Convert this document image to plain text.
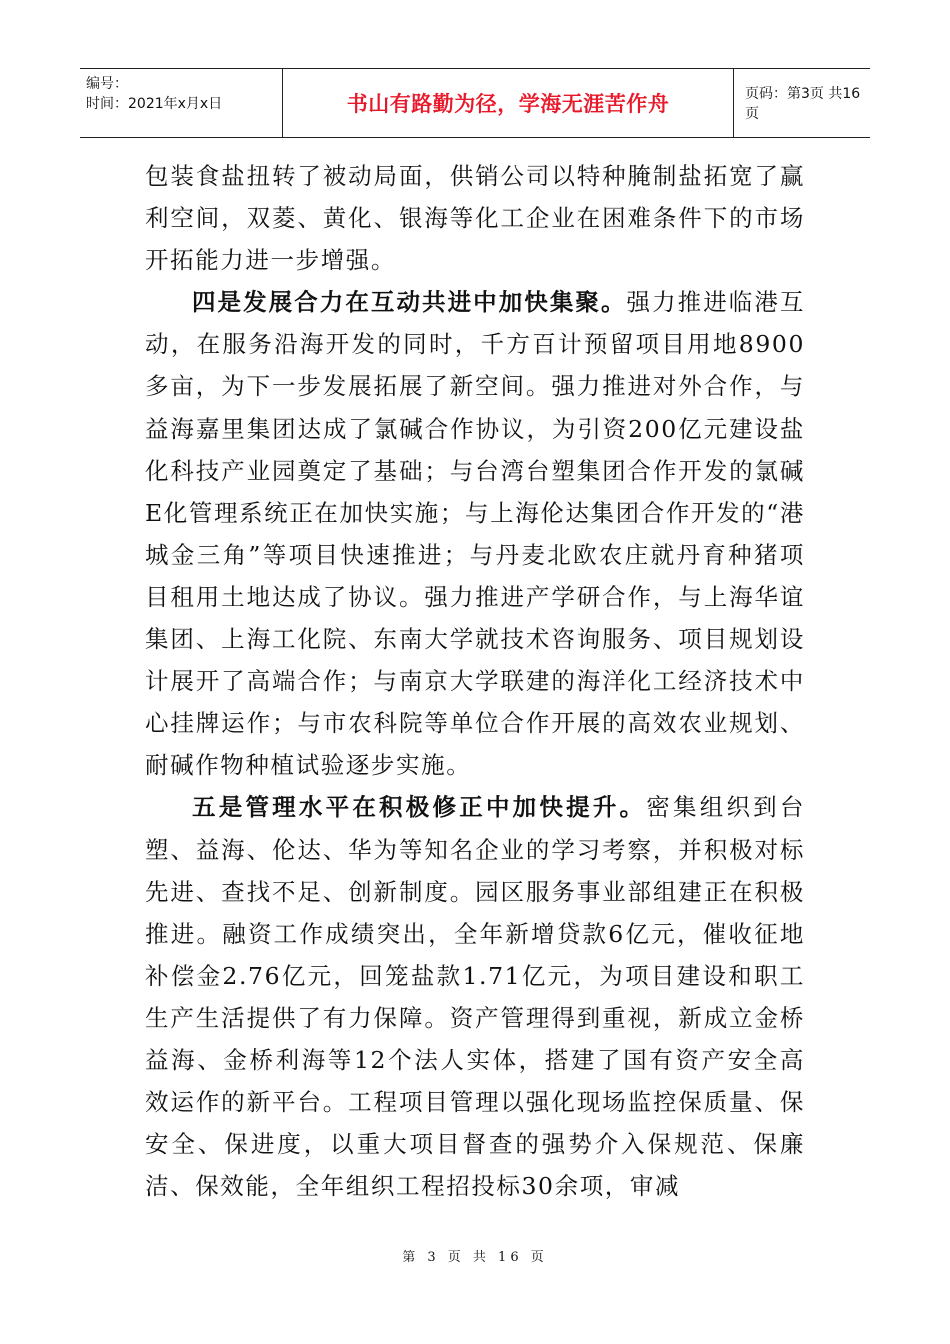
编号：
时间：2021年x月x日	书山有路勤为径，学海无涯苦作舟	页码：第3页 共16页

包装食盐扭转了被动局面，供销公司以特种腌制盐拓宽了赢利空间，双菱、黄化、银海等化工企业在困难条件下的市场开拓能力进一步增强。

四是发展合力在互动共进中加快集聚。强力推进临港互动，在服务沿海开发的同时，千方百计预留项目用地8900多亩，为下一步发展拓展了新空间。强力推进对外合作，与益海嘉里集团达成了氯碱合作协议，为引资200亿元建设盐化科技产业园奠定了基础；与台湾台塑集团合作开发的氯碱E化管理系统正在加快实施；与上海伦达集团合作开发的“港城金三角”等项目快速推进；与丹麦北欧农庄就丹育种猪项目租用土地达成了协议。强力推进产学研合作，与上海华谊集团、上海工化院、东南大学就技术咨询服务、项目规划设计展开了高端合作；与南京大学联建的海洋化工经济技术中心挂牌运作；与市农科院等单位合作开展的高效农业规划、耐碱作物种植试验逐步实施。

五是管理水平在积极修正中加快提升。密集组织到台塑、益海、伦达、华为等知名企业的学习考察，并积极对标先进、查找不足、创新制度。园区服务事业部组建正在积极推进。融资工作成绩突出，全年新增贷款6亿元，催收征地补偿金2.76亿元，回笼盐款1.71亿元，为项目建设和职工生产生活提供了有力保障。资产管理得到重视，新成立金桥益海、金桥利海等12个法人实体，搭建了国有资产安全高效运作的新平台。工程项目管理以强化现场监控保质量、保安全、保进度，以重大项目督查的强势介入保规范、保廉洁、保效能，全年组织工程招投标30余项，审减

第 3 页 共 16 页
